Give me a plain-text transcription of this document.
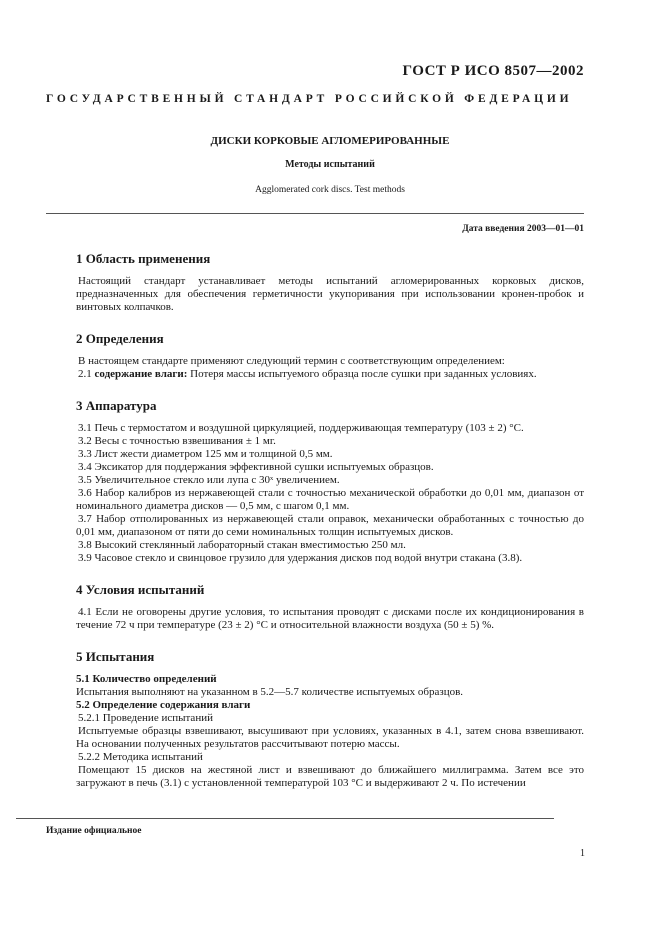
ГОСТ Р ИСО 8507—2002
ГОСУДАРСТВЕННЫЙ СТАНДАРТ РОССИЙСКОЙ ФЕДЕРАЦИИ
ДИСКИ КОРКОВЫЕ АГЛОМЕРИРОВАННЫЕ
Методы испытаний
Agglomerated cork discs. Test methods
Дата введения 2003—01—01
1 Область применения

Настоящий стандарт устанавливает методы испытаний агломерированных корковых дисков, предназначенных для обеспечения герметичности укупоривания при использовании кронен-пробок и винтовых колпачков.

2 Определения

В настоящем стандарте применяют следующий термин с соответствующим определением:

2.1 содержание влаги: Потеря массы испытуемого образца после сушки при заданных условиях.

3 Аппаратура

3.1 Печь с термостатом и воздушной циркуляцией, поддерживающая температуру (103 ± 2) °С.

3.2 Весы с точностью взвешивания ± 1 мг.

3.3 Лист жести диаметром 125 мм и толщиной 0,5 мм.

3.4 Эксикатор для поддержания эффективной сушки испытуемых образцов.

3.5 Увеличительное стекло или лупа с 30ˣ увеличением.

3.6 Набор калибров из нержавеющей стали с точностью механической обработки до 0,01 мм, диапазон от номинального диаметра дисков — 0,5 мм, с шагом 0,1 мм.

3.7 Набор отполированных из нержавеющей стали оправок, механически обработанных с точностью до 0,01 мм, диапазоном от пяти до семи номинальных толщин испытуемых дисков.

3.8 Высокий стеклянный лабораторный стакан вместимостью 250 мл.

3.9 Часовое стекло и свинцовое грузило для удержания дисков под водой внутри стакана (3.8).

4 Условия испытаний

4.1 Если не оговорены другие условия, то испытания проводят с дисками после их кондиционирования в течение 72 ч при температуре (23 ± 2) °С и относительной влажности воздуха (50 ± 5) %.

5 Испытания

5.1 Количество определений

Испытания выполняют на указанном в 5.2—5.7 количестве испытуемых образцов.

5.2 Определение содержания влаги

5.2.1 Проведение испытаний

Испытуемые образцы взвешивают, высушивают при условиях, указанных в 4.1, затем снова взвешивают. На основании полученных результатов рассчитывают потерю массы.

5.2.2 Методика испытаний

Помещают 15 дисков на жестяной лист и взвешивают до ближайшего миллиграмма. Затем все это загружают в печь (3.1) с установленной температурой 103 °С и выдерживают 2 ч. По истечении

Издание официальное
1
